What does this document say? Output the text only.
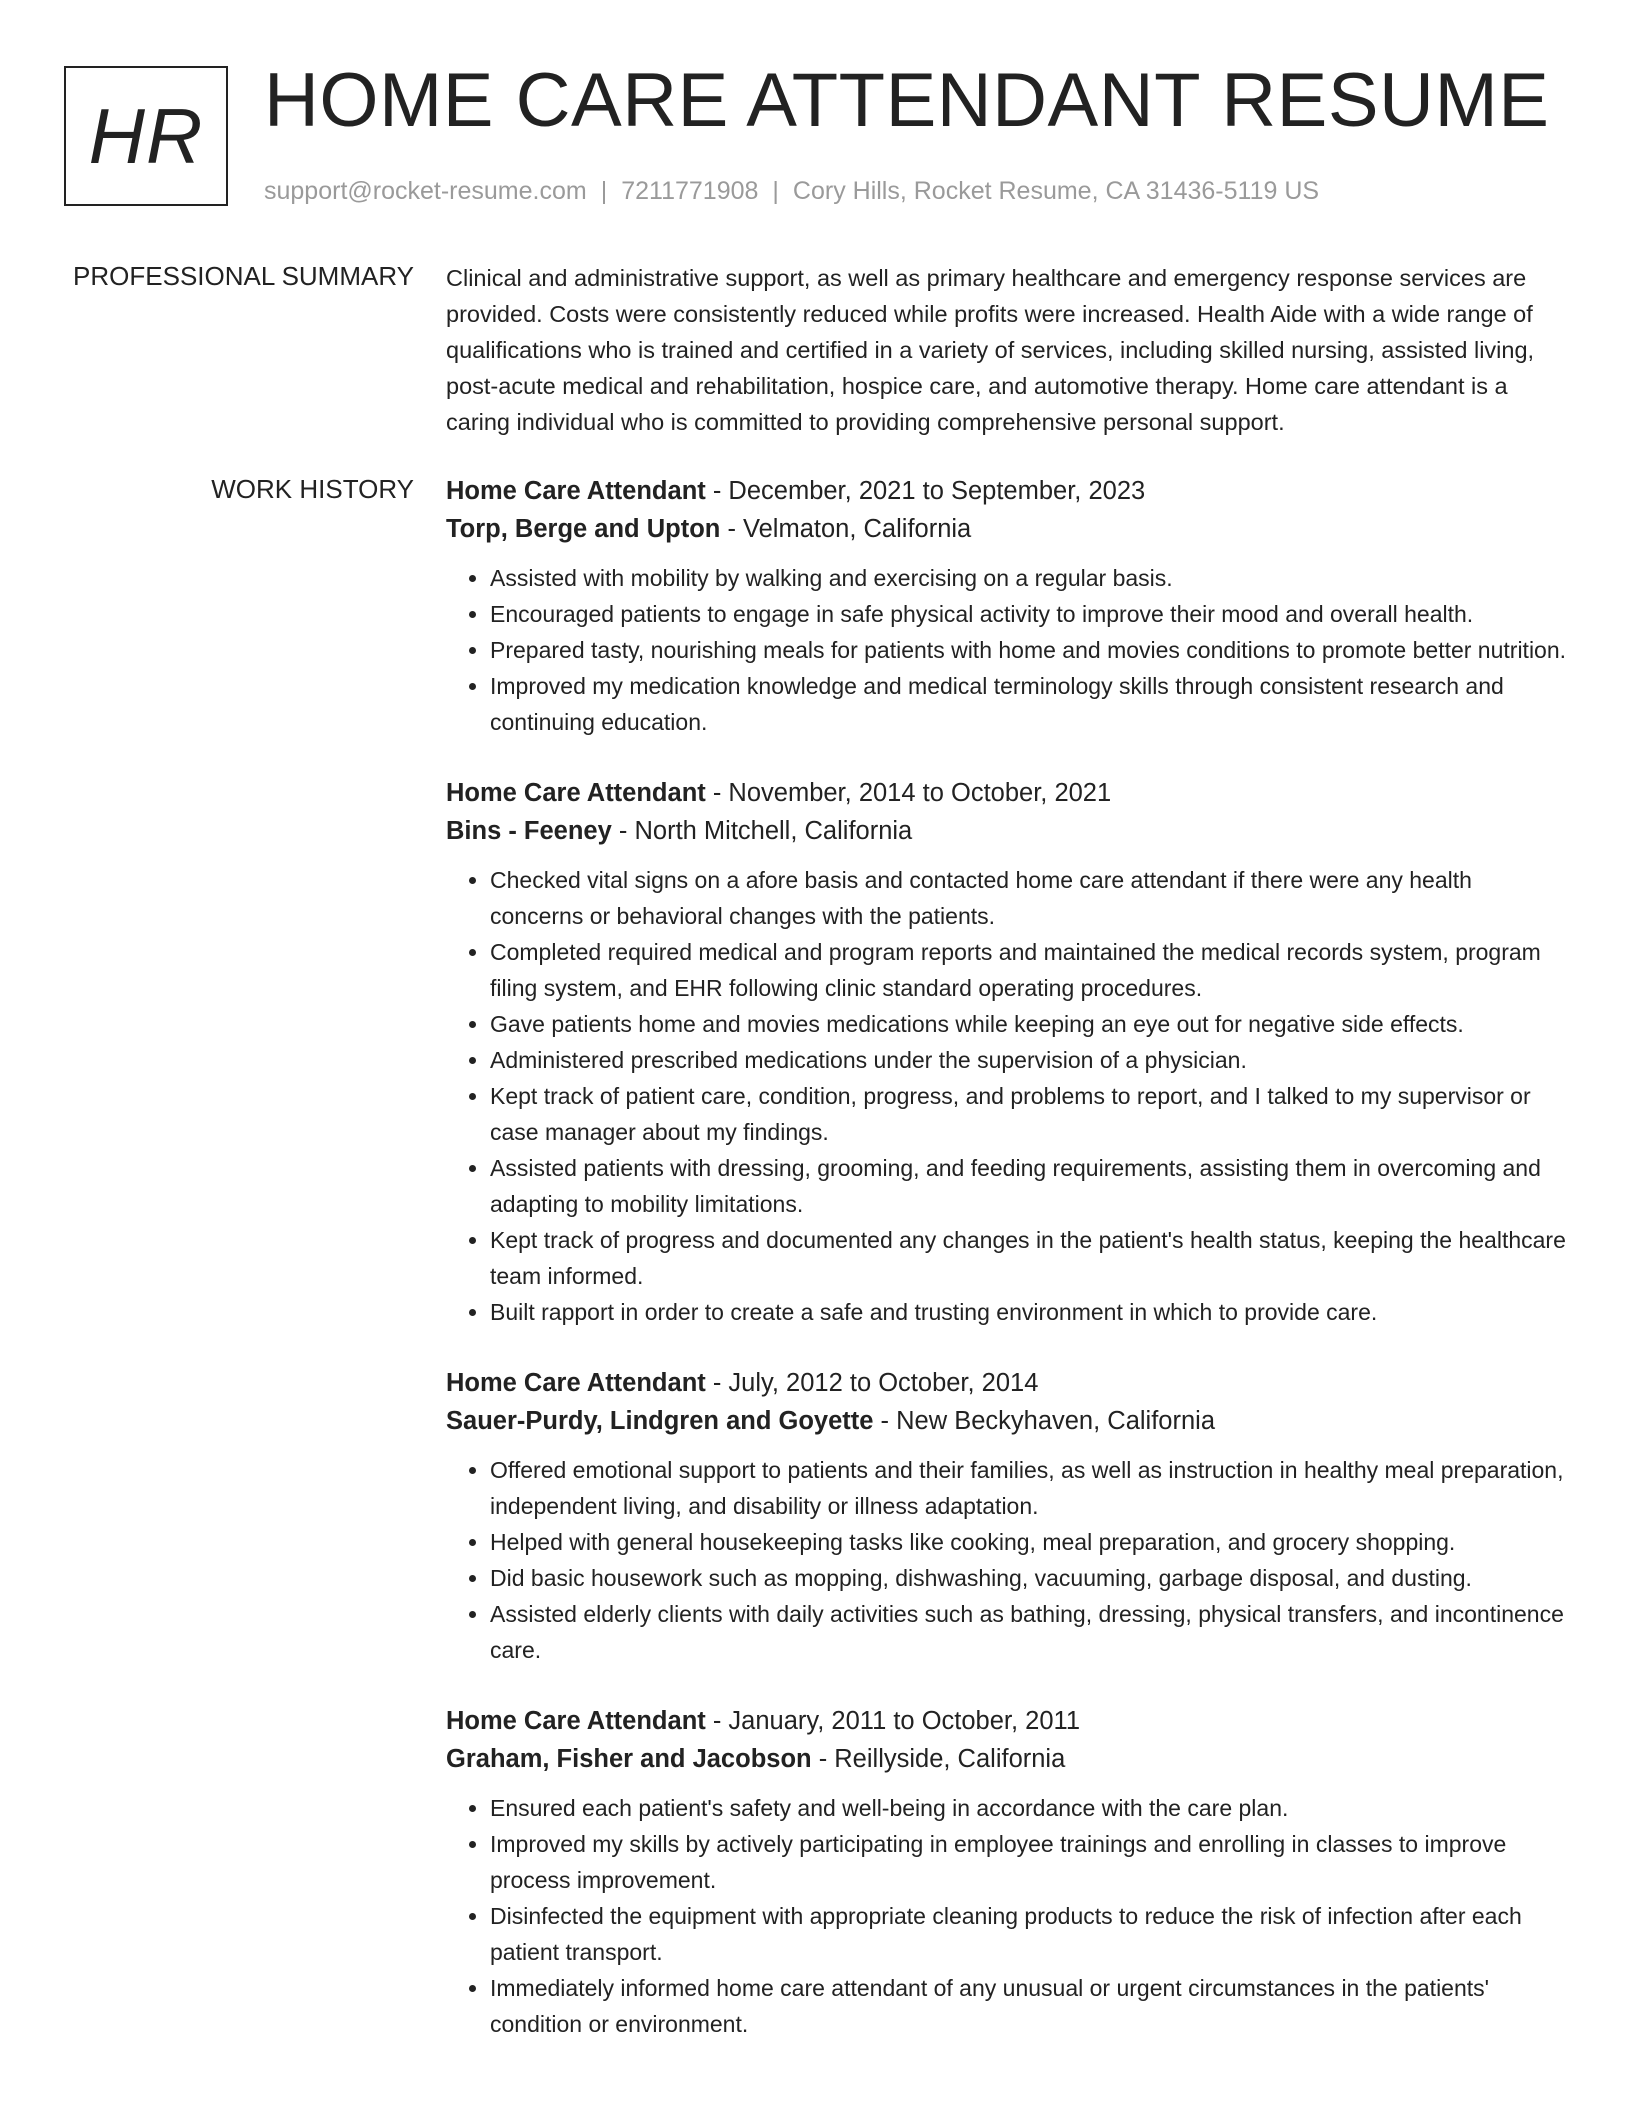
HR HOME CARE ATTENDANT RESUME
support@rocket-resume.com | 7211771908 | Cory Hills, Rocket Resume, CA 31436-5119 US
PROFESSIONAL SUMMARY Clinical and administrative support, as well as primary healthcare and emergency response services are provided. Costs were consistently reduced while profits were increased. Health Aide with a wide range of qualifications who is trained and certified in a variety of services, including skilled nursing, assisted living, post-acute medical and rehabilitation, hospice care, and automotive therapy. Home care attendant is a caring individual who is committed to providing comprehensive personal support.

WORK HISTORY Home Care Attendant - December, 2021 to September, 2023
Torp, Berge and Upton - Velmaton, California
• Assisted with mobility by walking and exercising on a regular basis.
• Encouraged patients to engage in safe physical activity to improve their mood and overall health.
• Prepared tasty, nourishing meals for patients with home and movies conditions to promote better nutrition.
• Improved my medication knowledge and medical terminology skills through consistent research and continuing education.
Home Care Attendant - November, 2014 to October, 2021
Bins - Feeney - North Mitchell, California
• Checked vital signs on a afore basis and contacted home care attendant if there were any health concerns or behavioral changes with the patients.
• Completed required medical and program reports and maintained the medical records system, program filing system, and EHR following clinic standard operating procedures.
• Gave patients home and movies medications while keeping an eye out for negative side effects.
• Administered prescribed medications under the supervision of a physician.
• Kept track of patient care, condition, progress, and problems to report, and I talked to my supervisor or case manager about my findings.
• Assisted patients with dressing, grooming, and feeding requirements, assisting them in overcoming and adapting to mobility limitations.
• Kept track of progress and documented any changes in the patient's health status, keeping the healthcare team informed.
• Built rapport in order to create a safe and trusting environment in which to provide care.
Home Care Attendant - July, 2012 to October, 2014
Sauer-Purdy, Lindgren and Goyette - New Beckyhaven, California
• Offered emotional support to patients and their families, as well as instruction in healthy meal preparation, independent living, and disability or illness adaptation.
• Helped with general housekeeping tasks like cooking, meal preparation, and grocery shopping.
• Did basic housework such as mopping, dishwashing, vacuuming, garbage disposal, and dusting.
• Assisted elderly clients with daily activities such as bathing, dressing, physical transfers, and incontinence care.
Home Care Attendant - January, 2011 to October, 2011
Graham, Fisher and Jacobson - Reillyside, California
• Ensured each patient's safety and well-being in accordance with the care plan.
• Improved my skills by actively participating in employee trainings and enrolling in classes to improve process improvement.
• Disinfected the equipment with appropriate cleaning products to reduce the risk of infection after each patient transport.
• Immediately informed home care attendant of any unusual or urgent circumstances in the patients' condition or environment.
